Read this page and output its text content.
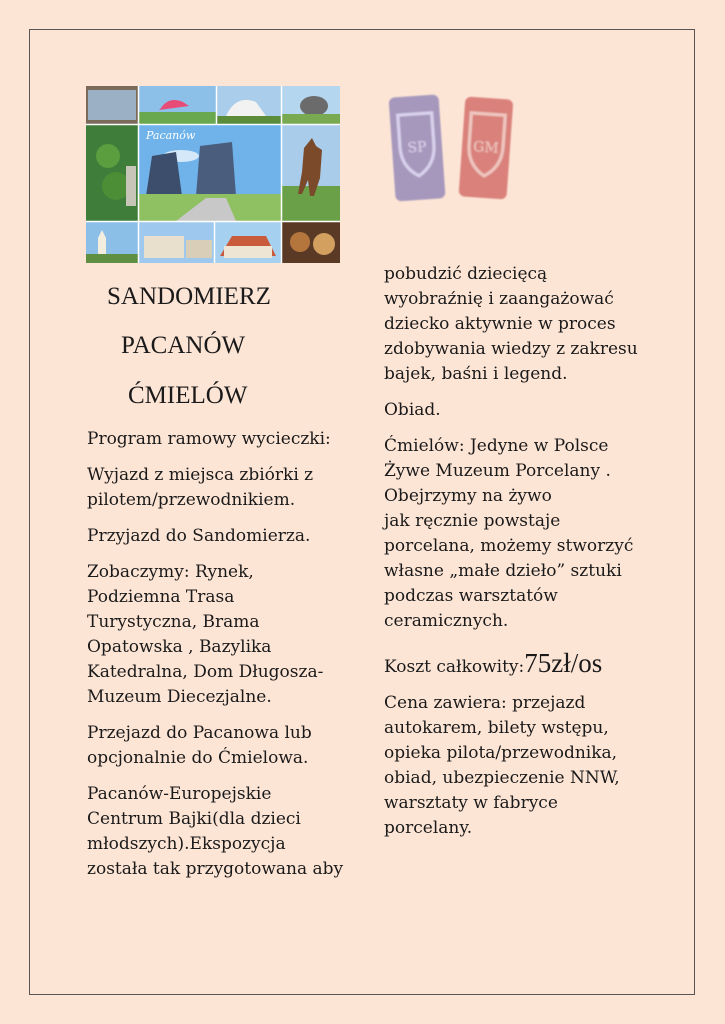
Pacanów
SP	GM
SANDOMIERZ
PACANÓW
ĆMIELÓW

Program ramowy wycieczki:

Wyjazd z miejsca zbiórki z
pilotem/przewodnikiem.

Przyjazd do Sandomierza.

Zobaczymy: Rynek,
Podziemna Trasa
Turystyczna, Brama
Opatowska , Bazylika
Katedralna, Dom Długosza-
Muzeum Diecezjalne.

Przejazd do Pacanowa lub
opcjonalnie do Ćmielowa.

Pacanów-Europejskie
Centrum Bajki(dla dzieci
młodszych).Ekspozycja
została tak przygotowana aby

pobudzić dziecięcą
wyobraźnię i zaangażować
dziecko aktywnie w proces
zdobywania wiedzy z zakresu
bajek, baśni i legend.

Obiad.

Ćmielów: Jedyne w Polsce
Żywe Muzeum Porcelany .
Obejrzymy na żywo
jak ręcznie powstaje
porcelana, możemy stworzyć
własne „małe dzieło” sztuki
podczas warsztatów
ceramicznych.

Koszt całkowity:75zł/os

Cena zawiera: przejazd
autokarem, bilety wstępu,
opieka pilota/przewodnika,
obiad, ubezpieczenie NNW,
warsztaty w fabryce
porcelany.
